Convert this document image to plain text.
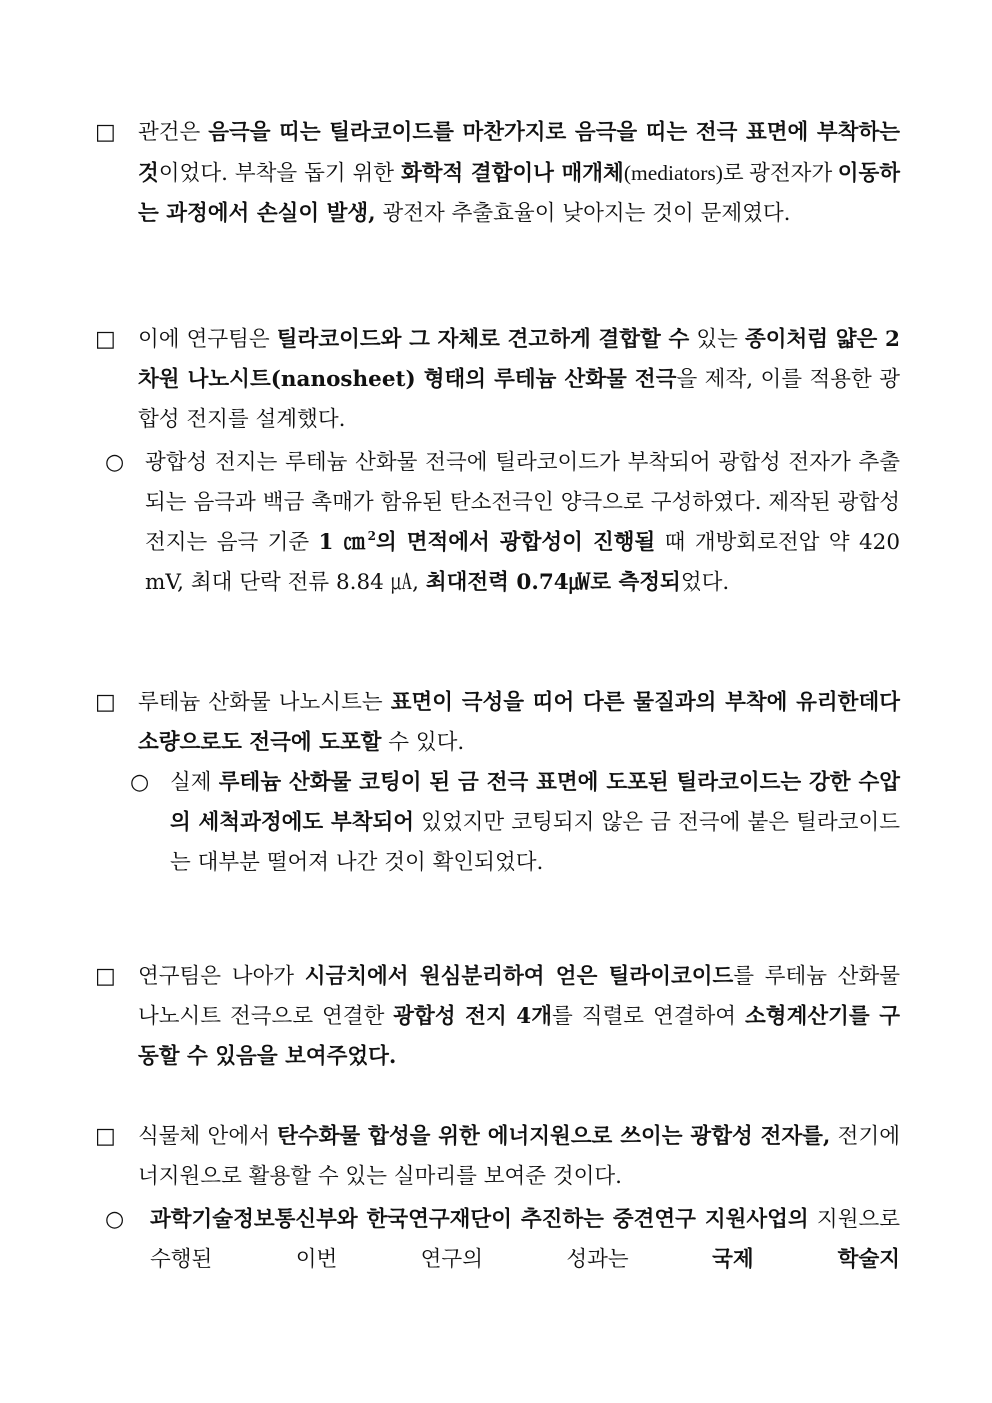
□ 관건은 음극을 띠는 틸라코이드를 마찬가지로 음극을 띠는 전극 표면에 부착하는 것이었다. 부착을 돕기 위한 화학적 결합이나 매개체(mediators)로 광전자가 이동하는 과정에서 손실이 발생, 광전자 추출효율이 낮아지는 것이 문제였다.
□ 이에 연구팀은 틸라코이드와 그 자체로 견고하게 결합할 수 있는 종이처럼 얇은 2차원 나노시트(nanosheet) 형태의 루테늄 산화물 전극을 제작, 이를 적용한 광합성 전지를 설계했다.
○ 광합성 전지는 루테늄 산화물 전극에 틸라코이드가 부착되어 광합성 전자가 추출되는 음극과 백금 촉매가 함유된 탄소전극인 양극으로 구성하였다. 제작된 광합성 전지는 음극 기준 1 ㎝$^2$의 면적에서 광합성이 진행될 때 개방회로전압 약 420 mV, 최대 단락 전류 8.84 ㎂, 최대전력 0.74㎼로 측정되었다.
□ 루테늄 산화물 나노시트는 표면이 극성을 띠어 다른 물질과의 부착에 유리한데다 소량으로도 전극에 도포할 수 있다.
○ 실제 루테늄 산화물 코팅이 된 금 전극 표면에 도포된 틸라코이드는 강한 수압의 세척과정에도 부착되어 있었지만 코팅되지 않은 금 전극에 붙은 틸라코이드는 대부분 떨어져 나간 것이 확인되었다.
□ 연구팀은 나아가 시금치에서 원심분리하여 얻은 틸라이코이드를 루테늄 산화물 나노시트 전극으로 연결한 광합성 전지 4개를 직렬로 연결하여 소형계산기를 구동할 수 있음을 보여주었다.
□ 식물체 안에서 탄수화물 합성을 위한 에너지원으로 쓰이는 광합성 전자를, 전기에너지원으로 활용할 수 있는 실마리를 보여준 것이다.
○ 과학기술정보통신부와 한국연구재단이 추진하는 중견연구 지원사업의 지원으로 수행된 이번 연구의 성과는 국제 학술지
